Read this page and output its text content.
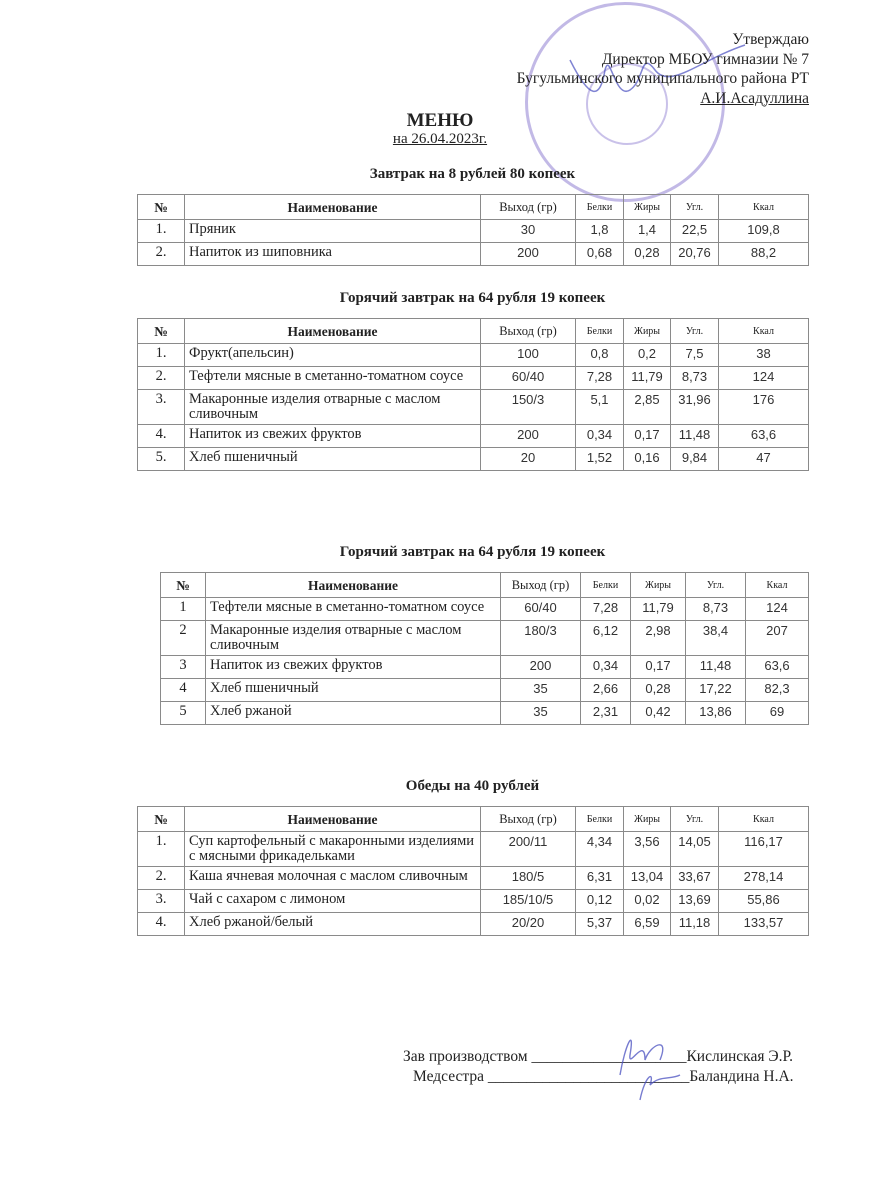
Утверждаю
Директор МБОУ гимназии № 7
Бугульминского муниципального района РТ
А.И.Асадуллина
МЕНЮ
на 26.04.2023г.
Завтрак на 8 рублей 80 копеек
№	Наименование	Выход (гр)	Белки	Жиры	Угл.	Ккал
1.	Пряник	30	1,8	1,4	22,5	109,8
2.	Напиток из шиповника	200	0,68	0,28	20,76	88,2
Горячий завтрак на 64 рубля 19 копеек
№	Наименование	Выход (гр)	Белки	Жиры	Угл.	Ккал
1.	Фрукт(апельсин)	100	0,8	0,2	7,5	38
2.	Тефтели мясные в сметанно-томатном соусе	60/40	7,28	11,79	8,73	124
3.	Макаронные изделия отварные с маслом сливочным	150/3	5,1	2,85	31,96	176
4.	Напиток из свежих фруктов	200	0,34	0,17	11,48	63,6
5.	Хлеб пшеничный	20	1,52	0,16	9,84	47
Горячий завтрак на 64 рубля 19 копеек
№	Наименование	Выход (гр)	Белки	Жиры	Угл.	Ккал
1	Тефтели мясные в сметанно-томатном соусе	60/40	7,28	11,79	8,73	124
2	Макаронные изделия отварные с маслом сливочным	180/3	6,12	2,98	38,4	207
3	Напиток из свежих фруктов	200	0,34	0,17	11,48	63,6
4	Хлеб пшеничный	35	2,66	0,28	17,22	82,3
5	Хлеб ржаной	35	2,31	0,42	13,86	69
Обеды на 40 рублей
№	Наименование	Выход (гр)	Белки	Жиры	Угл.	Ккал
1.	Суп картофельный с макаронными изделиями с мясными фрикадельками	200/11	4,34	3,56	14,05	116,17
2.	Каша ячневая молочная с маслом сливочным	180/5	6,31	13,04	33,67	278,14
3.	Чай с сахаром с лимоном	185/10/5	0,12	0,02	13,69	55,86
4.	Хлеб ржаной/белый	20/20	5,37	6,59	11,18	133,57
Зав производством ____________________Кислинская Э.Р.
Медсестра __________________________Баландина Н.А.
